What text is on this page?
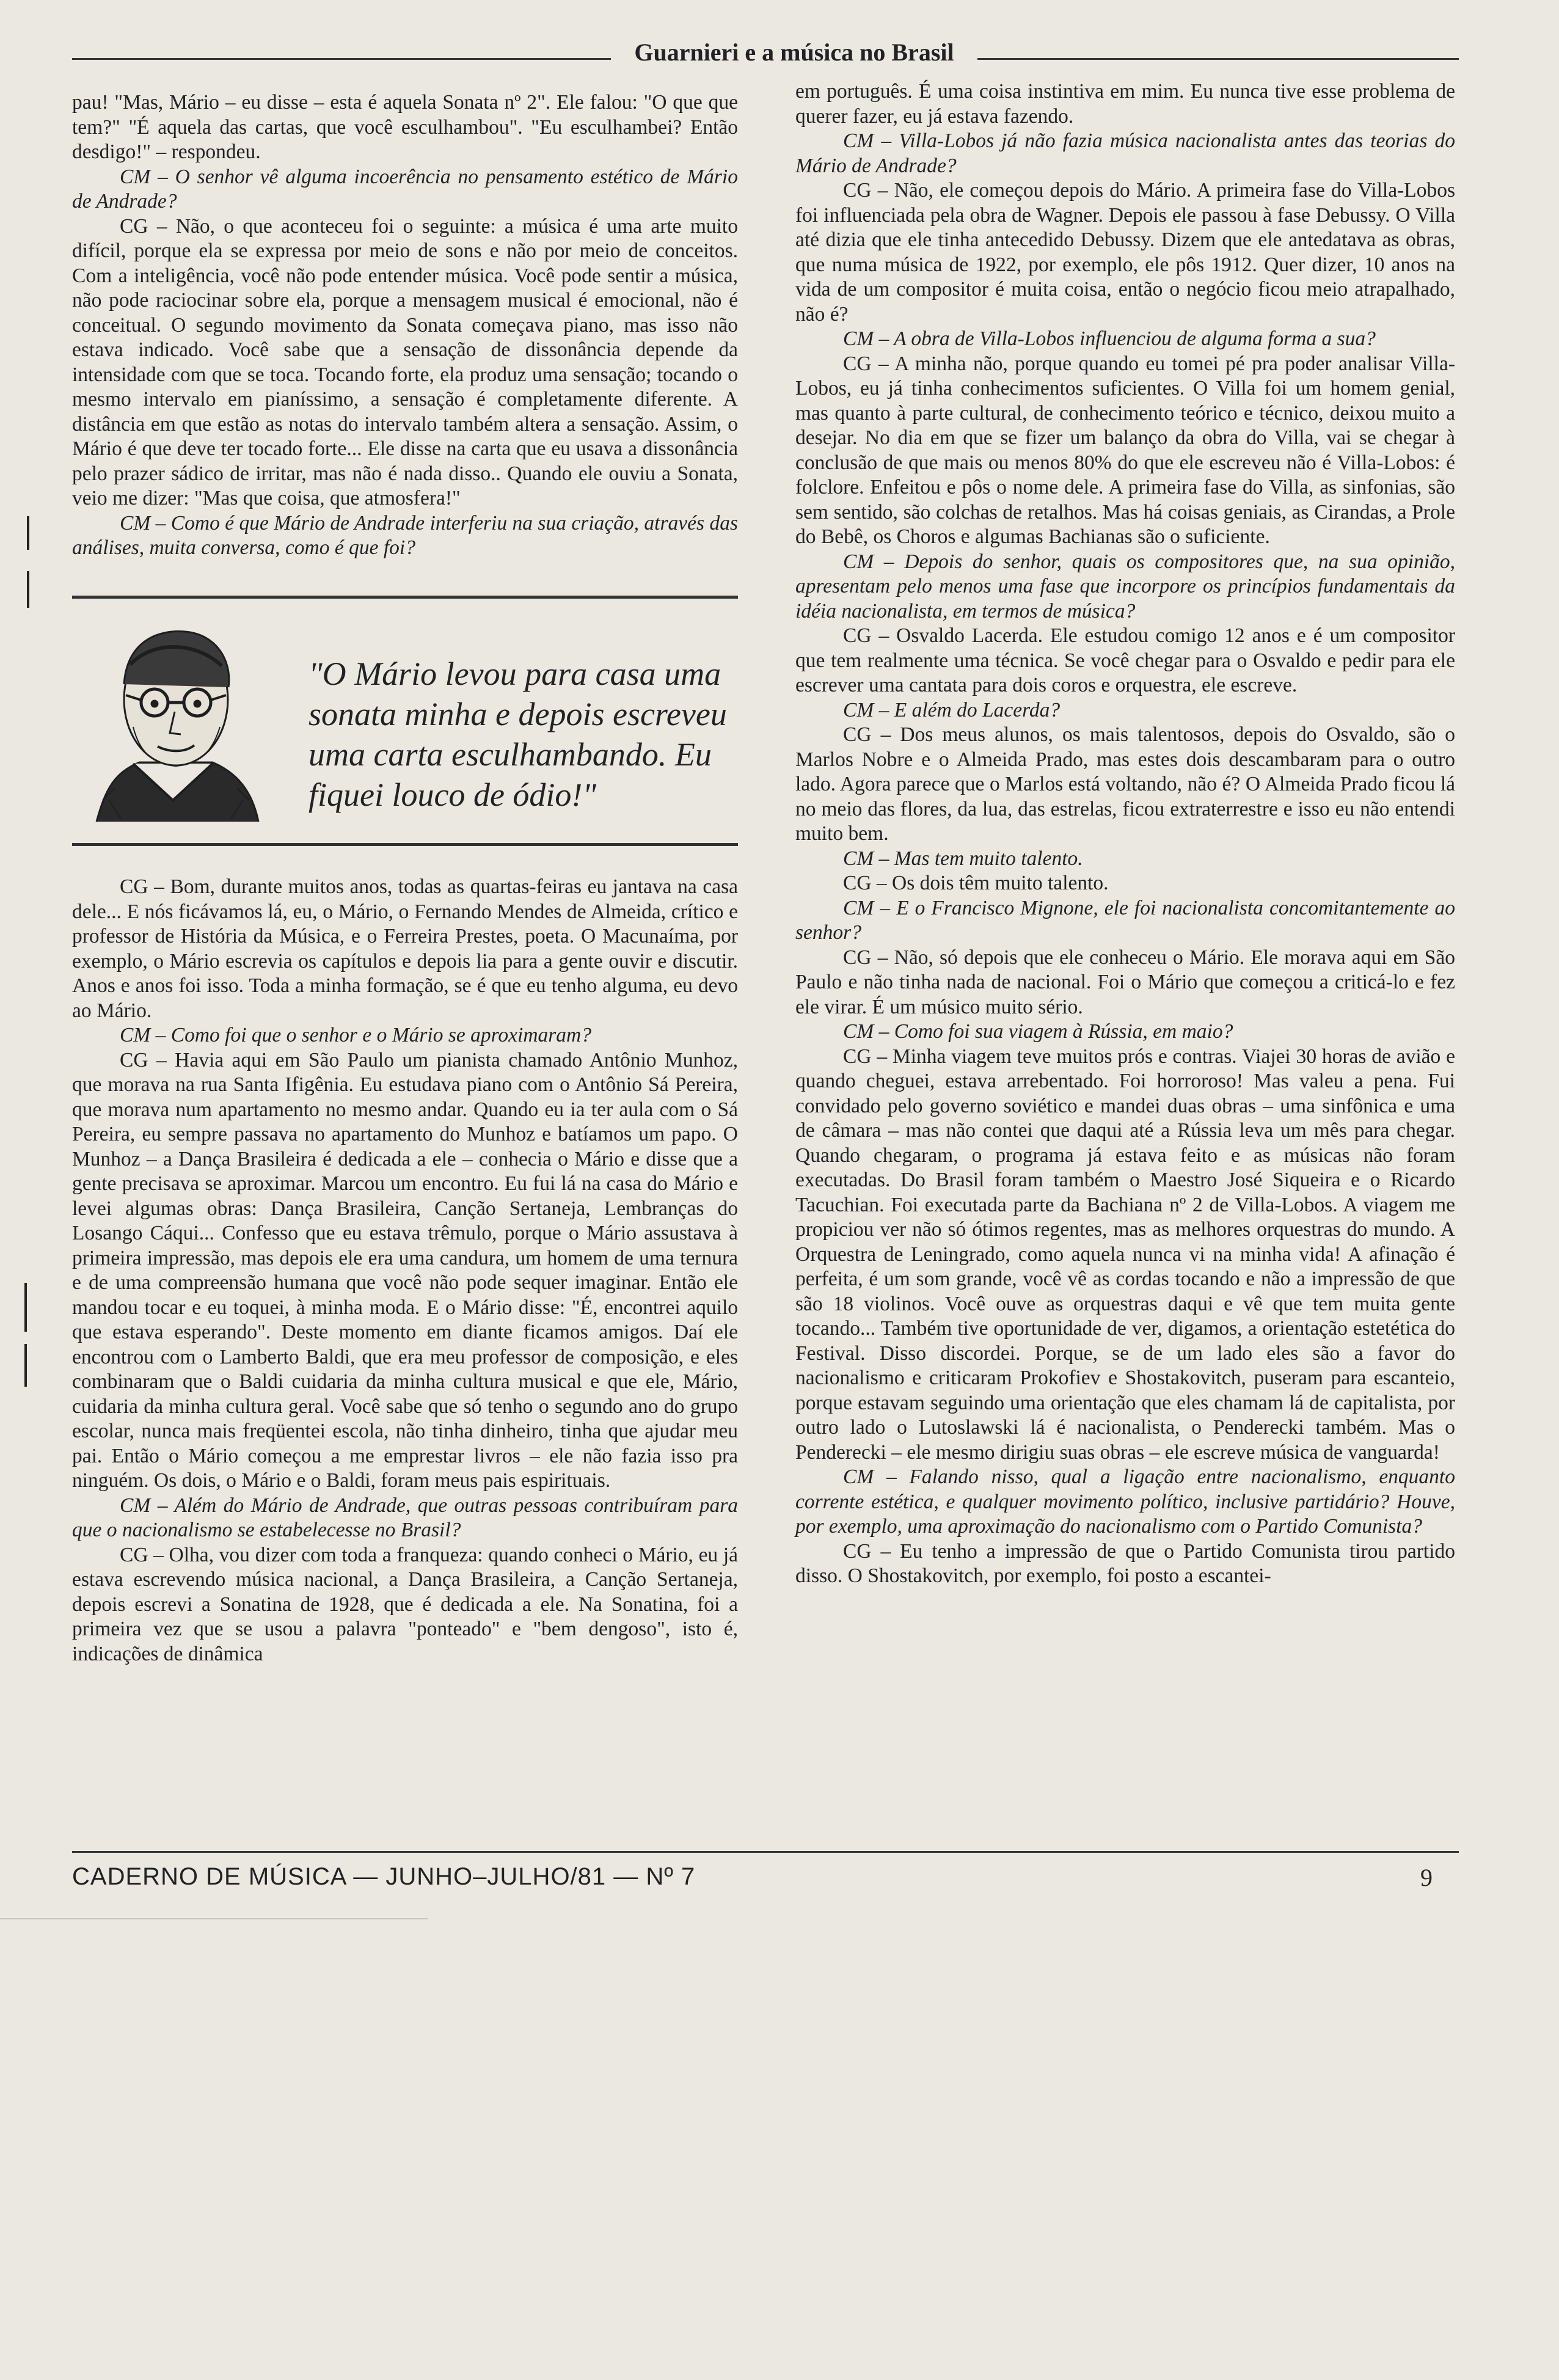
Guarnieri e a música no Brasil

pau! "Mas, Mário – eu disse – esta é aquela Sonata nº 2". Ele falou: "O que que tem?" "É aquela das cartas, que você esculhambou". "Eu esculhambei? Então desdigo!" – respondeu.

CM – O senhor vê alguma incoerência no pensamento estético de Mário de Andrade?

CG – Não, o que aconteceu foi o seguinte: a música é uma arte muito difícil, porque ela se expressa por meio de sons e não por meio de conceitos. Com a inteligência, você não pode entender música. Você pode sentir a música, não pode raciocinar sobre ela, porque a mensagem musical é emocional, não é conceitual. O segundo movimento da Sonata começava piano, mas isso não estava indicado. Você sabe que a sensação de dissonância depende da intensidade com que se toca. Tocando forte, ela produz uma sensação; tocando o mesmo intervalo em pianíssimo, a sensação é completamente diferente. A distância em que estão as notas do intervalo também altera a sensação. Assim, o Mário é que deve ter tocado forte... Ele disse na carta que eu usava a dissonância pelo prazer sádico de irritar, mas não é nada disso.. Quando ele ouviu a Sonata, veio me dizer: "Mas que coisa, que atmosfera!"

CM – Como é que Mário de Andrade interferiu na sua criação, através das análises, muita conversa, como é que foi?

"O Mário levou para casa uma sonata minha e depois escreveu uma carta esculhambando. Eu fiquei louco de ódio!"

CG – Bom, durante muitos anos, todas as quartas-feiras eu jantava na casa dele... E nós ficávamos lá, eu, o Mário, o Fernando Mendes de Almeida, crítico e professor de História da Música, e o Ferreira Prestes, poeta. O Macunaíma, por exemplo, o Mário escrevia os capítulos e depois lia para a gente ouvir e discutir. Anos e anos foi isso. Toda a minha formação, se é que eu tenho alguma, eu devo ao Mário.

CM – Como foi que o senhor e o Mário se aproximaram?

CG – Havia aqui em São Paulo um pianista chamado Antônio Munhoz, que morava na rua Santa Ifigênia. Eu estudava piano com o Antônio Sá Pereira, que morava num apartamento no mesmo andar. Quando eu ia ter aula com o Sá Pereira, eu sempre passava no apartamento do Munhoz e batíamos um papo. O Munhoz – a Dança Brasileira é dedicada a ele – conhecia o Mário e disse que a gente precisava se aproximar. Marcou um encontro. Eu fui lá na casa do Mário e levei algumas obras: Dança Brasileira, Canção Sertaneja, Lembranças do Losango Cáqui... Confesso que eu estava trêmulo, porque o Mário assustava à primeira impressão, mas depois ele era uma candura, um homem de uma ternura e de uma compreensão humana que você não pode sequer imaginar. Então ele mandou tocar e eu toquei, à minha moda. E o Mário disse: "É, encontrei aquilo que estava esperando". Deste momento em diante ficamos amigos. Daí ele encontrou com o Lamberto Baldi, que era meu professor de composição, e eles combinaram que o Baldi cuidaria da minha cultura musical e que ele, Mário, cuidaria da minha cultura geral. Você sabe que só tenho o segundo ano do grupo escolar, nunca mais freqüentei escola, não tinha dinheiro, tinha que ajudar meu pai. Então o Mário começou a me emprestar livros – ele não fazia isso pra ninguém. Os dois, o Mário e o Baldi, foram meus pais espirituais.

CM – Além do Mário de Andrade, que outras pessoas contribuíram para que o nacionalismo se estabelecesse no Brasil?

CG – Olha, vou dizer com toda a franqueza: quando conheci o Mário, eu já estava escrevendo música nacional, a Dança Brasileira, a Canção Sertaneja, depois escrevi a Sonatina de 1928, que é dedicada a ele. Na Sonatina, foi a primeira vez que se usou a palavra "ponteado" e "bem dengoso", isto é, indicações de dinâmica

em português. É uma coisa instintiva em mim. Eu nunca tive esse problema de querer fazer, eu já estava fazendo.

CM – Villa-Lobos já não fazia música nacionalista antes das teorias do Mário de Andrade?

CG – Não, ele começou depois do Mário. A primeira fase do Villa-Lobos foi influenciada pela obra de Wagner. Depois ele passou à fase Debussy. O Villa até dizia que ele tinha antecedido Debussy. Dizem que ele antedatava as obras, que numa música de 1922, por exemplo, ele pôs 1912. Quer dizer, 10 anos na vida de um compositor é muita coisa, então o negócio ficou meio atrapalhado, não é?

CM – A obra de Villa-Lobos influenciou de alguma forma a sua?

CG – A minha não, porque quando eu tomei pé pra poder analisar Villa-Lobos, eu já tinha conhecimentos suficientes. O Villa foi um homem genial, mas quanto à parte cultural, de conhecimento teórico e técnico, deixou muito a desejar. No dia em que se fizer um balanço da obra do Villa, vai se chegar à conclusão de que mais ou menos 80% do que ele escreveu não é Villa-Lobos: é folclore. Enfeitou e pôs o nome dele. A primeira fase do Villa, as sinfonias, são sem sentido, são colchas de retalhos. Mas há coisas geniais, as Cirandas, a Prole do Bebê, os Choros e algumas Bachianas são o suficiente.

CM – Depois do senhor, quais os compositores que, na sua opinião, apresentam pelo menos uma fase que incorpore os princípios fundamentais da idéia nacionalista, em termos de música?

CG – Osvaldo Lacerda. Ele estudou comigo 12 anos e é um compositor que tem realmente uma técnica. Se você chegar para o Osvaldo e pedir para ele escrever uma cantata para dois coros e orquestra, ele escreve.

CM – E além do Lacerda?

CG – Dos meus alunos, os mais talentosos, depois do Osvaldo, são o Marlos Nobre e o Almeida Prado, mas estes dois descambaram para o outro lado. Agora parece que o Marlos está voltando, não é? O Almeida Prado ficou lá no meio das flores, da lua, das estrelas, ficou extraterrestre e isso eu não entendi muito bem.

CM – Mas tem muito talento.

CG – Os dois têm muito talento.

CM – E o Francisco Mignone, ele foi nacionalista concomitantemente ao senhor?

CG – Não, só depois que ele conheceu o Mário. Ele morava aqui em São Paulo e não tinha nada de nacional. Foi o Mário que começou a criticá-lo e fez ele virar. É um músico muito sério.

CM – Como foi sua viagem à Rússia, em maio?

CG – Minha viagem teve muitos prós e contras. Viajei 30 horas de avião e quando cheguei, estava arrebentado. Foi horroroso! Mas valeu a pena. Fui convidado pelo governo soviético e mandei duas obras – uma sinfônica e uma de câmara – mas não contei que daqui até a Rússia leva um mês para chegar. Quando chegaram, o programa já estava feito e as músicas não foram executadas. Do Brasil foram também o Maestro José Siqueira e o Ricardo Tacuchian. Foi executada parte da Bachiana nº 2 de Villa-Lobos. A viagem me propiciou ver não só ótimos regentes, mas as melhores orquestras do mundo. A Orquestra de Leningrado, como aquela nunca vi na minha vida! A afinação é perfeita, é um som grande, você vê as cordas tocando e não a impressão de que são 18 violinos. Você ouve as orquestras daqui e vê que tem muita gente tocando... Também tive oportunidade de ver, digamos, a orientação estetética do Festival. Disso discordei. Porque, se de um lado eles são a favor do nacionalismo e criticaram Prokofiev e Shostakovitch, puseram para escanteio, porque estavam seguindo uma orientação que eles chamam lá de capitalista, por outro lado o Lutoslawski lá é nacionalista, o Penderecki também. Mas o Penderecki – ele mesmo dirigiu suas obras – ele escreve música de vanguarda!

CM – Falando nisso, qual a ligação entre nacionalismo, enquanto corrente estética, e qualquer movimento político, inclusive partidário? Houve, por exemplo, uma aproximação do nacionalismo com o Partido Comunista?

CG – Eu tenho a impressão de que o Partido Comunista tirou partido disso. O Shostakovitch, por exemplo, foi posto a escantei-

CADERNO DE MÚSICA — JUNHO–JULHO/81 — Nº 7	9
